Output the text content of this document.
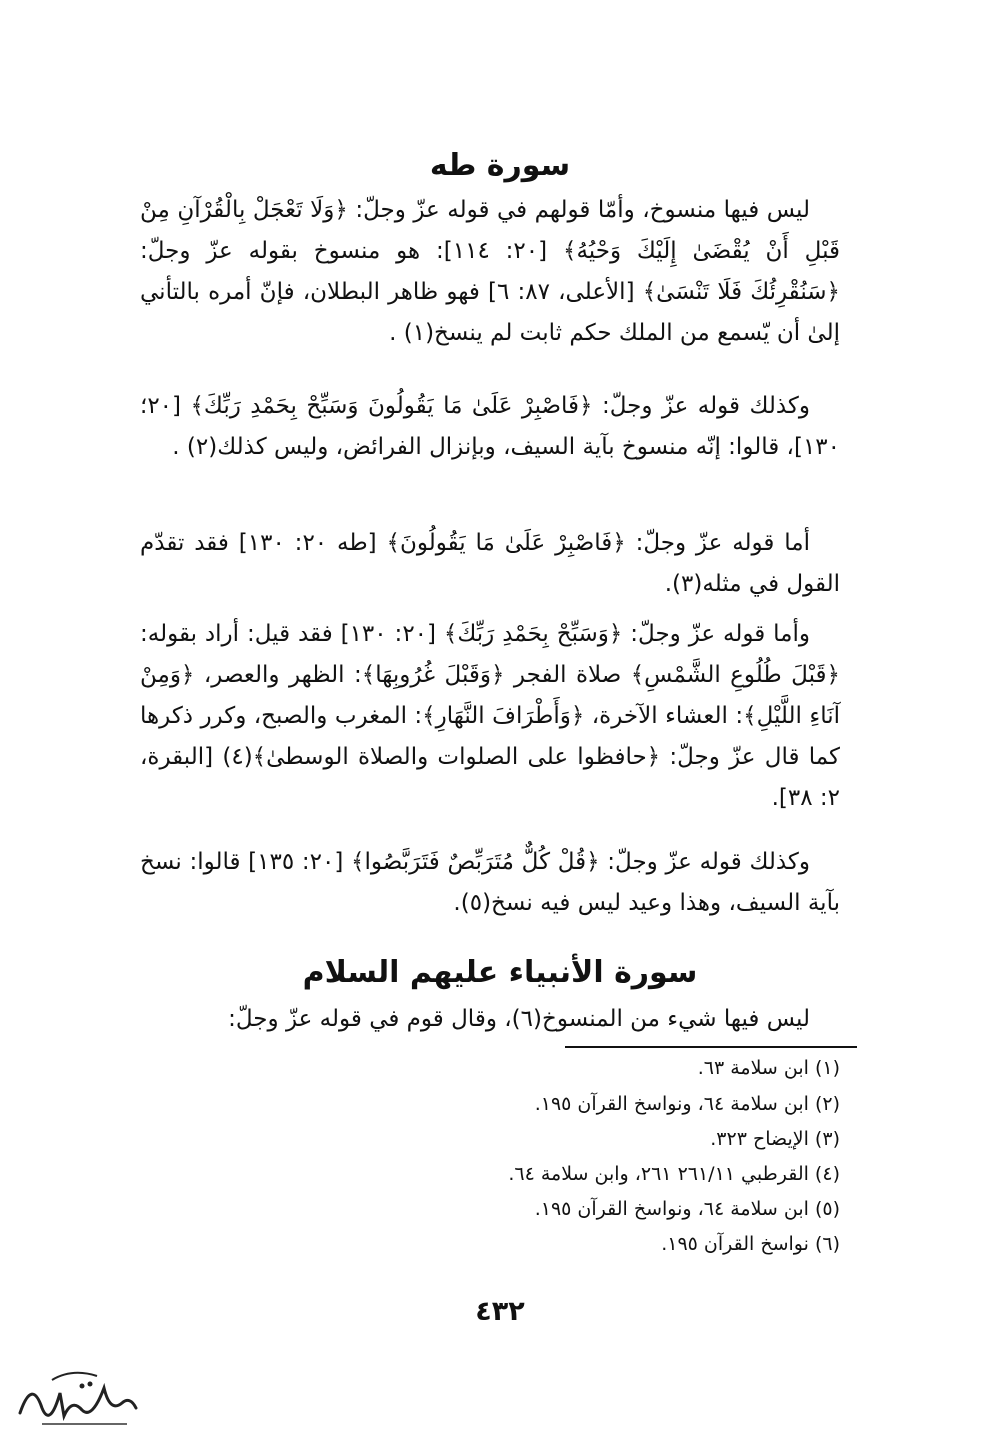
سورة طه
ليس فيها منسوخ، وأمّا قولهم في قوله عزّ وجلّ: ﴿وَلَا تَعْجَلْ بِالْقُرْآنِ مِنْ قَبْلِ أَنْ يُقْضَىٰ إِلَيْكَ وَحْيُهُ﴾ [٢٠: ١١٤]: هو منسوخ بقوله عزّ وجلّ: ﴿سَنُقْرِئُكَ فَلَا تَنْسَىٰ﴾ [الأعلى، ٨٧: ٦] فهو ظاهر البطلان، فإنّ أمره بالتأني إلىٰ أن يّسمع من الملك حكم ثابت لم ينسخ(١) .
وكذلك قوله عزّ وجلّ: ﴿فَاصْبِرْ عَلَىٰ مَا يَقُولُونَ وَسَبِّحْ بِحَمْدِ رَبِّكَ﴾ [٢٠؛ ١٣٠]، قالوا: إنّه منسوخ بآية السيف، وبإنزال الفرائض، وليس كذلك(٢) .
أما قوله عزّ وجلّ: ﴿فَاصْبِرْ عَلَىٰ مَا يَقُولُونَ﴾ [طه ٢٠: ١٣٠] فقد تقدّم القول في مثله(٣).
وأما قوله عزّ وجلّ: ﴿وَسَبِّحْ بِحَمْدِ رَبِّكَ﴾ [٢٠: ١٣٠] فقد قيل: أراد بقوله: ﴿قَبْلَ طُلُوعِ الشَّمْسِ﴾ صلاة الفجر ﴿وَقَبْلَ غُرُوبِهَا﴾: الظهر والعصر، ﴿وَمِنْ آنَاءِ اللَّيْلِ﴾: العشاء الآخرة، ﴿وَأَطْرَافَ النَّهَارِ﴾: المغرب والصبح، وكرر ذكرها كما قال عزّ وجلّ: ﴿حافظوا على الصلوات والصلاة الوسطىٰ﴾(٤) [البقرة، ٢: ٣٨].
وكذلك قوله عزّ وجلّ: ﴿قُلْ كُلٌّ مُتَرَبِّصٌ فَتَرَبَّصُوا﴾ [٢٠: ١٣٥] قالوا: نسخ بآية السيف، وهذا وعيد ليس فيه نسخ(٥).
سورة الأنبياء عليهم السلام
ليس فيها شيء من المنسوخ(٦)، وقال قوم في قوله عزّ وجلّ:
(١) ابن سلامة ٦٣.
(٢) ابن سلامة ٦٤، ونواسخ القرآن ١٩٥.
(٣) الإيضاح ٣٢٣.
(٤) القرطبي ٢٦١/١١ ٢٦١، وابن سلامة ٦٤.
(٥) ابن سلامة ٦٤، ونواسخ القرآن ١٩٥.
(٦) نواسخ القرآن ١٩٥.
٤٣٢
